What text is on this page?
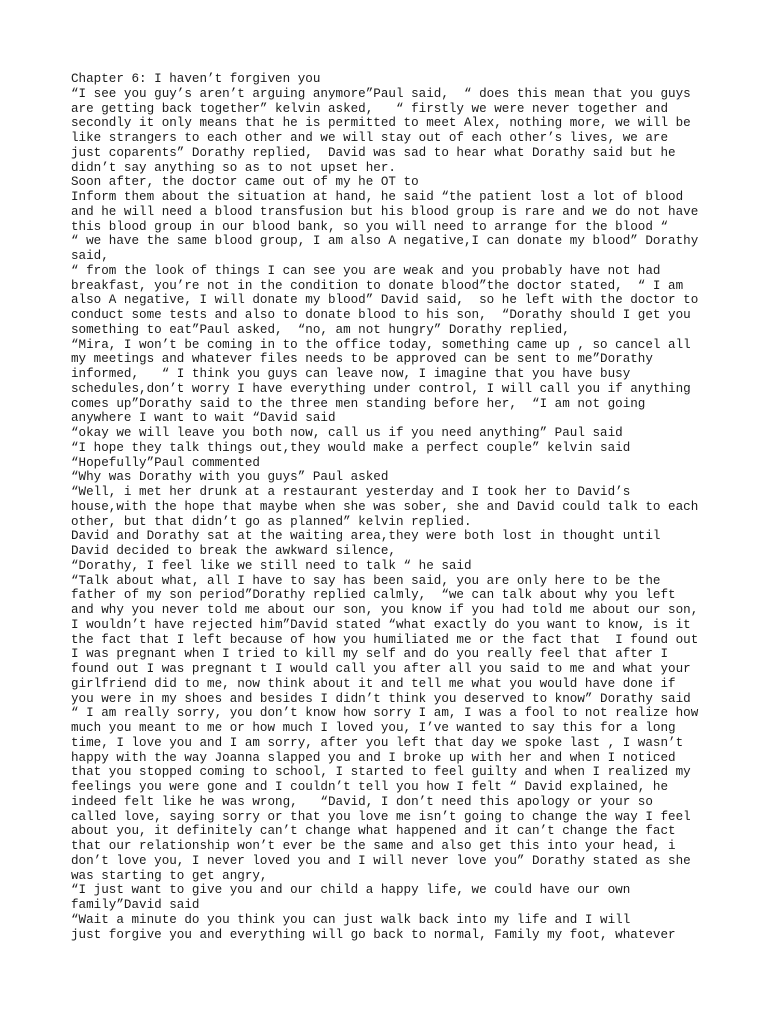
Chapter 6: I haven’t forgiven you
“I see you guy’s aren’t arguing anymore”Paul said,  “ does this mean that you guys
are getting back together” kelvin asked,   “ firstly we were never together and
secondly it only means that he is permitted to meet Alex, nothing more, we will be
like strangers to each other and we will stay out of each other’s lives, we are
just coparents” Dorathy replied,  David was sad to hear what Dorathy said but he
didn’t say anything so as to not upset her.
Soon after, the doctor came out of my he OT to
Inform them about the situation at hand, he said “the patient lost a lot of blood
and he will need a blood transfusion but his blood group is rare and we do not have
this blood group in our blood bank, so you will need to arrange for the blood “
“ we have the same blood group, I am also A negative,I can donate my blood” Dorathy
said,
“ from the look of things I can see you are weak and you probably have not had
breakfast, you’re not in the condition to donate blood”the doctor stated,  “ I am
also A negative, I will donate my blood” David said,  so he left with the doctor to
conduct some tests and also to donate blood to his son,  “Dorathy should I get you
something to eat”Paul asked,  “no, am not hungry” Dorathy replied,
“Mira, I won’t be coming in to the office today, something came up , so cancel all
my meetings and whatever files needs to be approved can be sent to me”Dorathy
informed,   “ I think you guys can leave now, I imagine that you have busy
schedules,don’t worry I have everything under control, I will call you if anything
comes up”Dorathy said to the three men standing before her,  “I am not going
anywhere I want to wait “David said
“okay we will leave you both now, call us if you need anything” Paul said
“I hope they talk things out,they would make a perfect couple” kelvin said
“Hopefully”Paul commented
“Why was Dorathy with you guys” Paul asked
“Well, i met her drunk at a restaurant yesterday and I took her to David’s
house,with the hope that maybe when she was sober, she and David could talk to each
other, but that didn’t go as planned” kelvin replied.
David and Dorathy sat at the waiting area,they were both lost in thought until
David decided to break the awkward silence,
“Dorathy, I feel like we still need to talk “ he said
“Talk about what, all I have to say has been said, you are only here to be the
father of my son period”Dorathy replied calmly,  “we can talk about why you left
and why you never told me about our son, you know if you had told me about our son,
I wouldn’t have rejected him”David stated “what exactly do you want to know, is it
the fact that I left because of how you humiliated me or the fact that  I found out
I was pregnant when I tried to kill my self and do you really feel that after I
found out I was pregnant t I would call you after all you said to me and what your
girlfriend did to me, now think about it and tell me what you would have done if
you were in my shoes and besides I didn’t think you deserved to know” Dorathy said
“ I am really sorry, you don’t know how sorry I am, I was a fool to not realize how
much you meant to me or how much I loved you, I’ve wanted to say this for a long
time, I love you and I am sorry, after you left that day we spoke last , I wasn’t
happy with the way Joanna slapped you and I broke up with her and when I noticed
that you stopped coming to school, I started to feel guilty and when I realized my
feelings you were gone and I couldn’t tell you how I felt “ David explained, he
indeed felt like he was wrong,   “David, I don’t need this apology or your so
called love, saying sorry or that you love me isn’t going to change the way I feel
about you, it definitely can’t change what happened and it can’t change the fact
that our relationship won’t ever be the same and also get this into your head, i
don’t love you, I never loved you and I will never love you” Dorathy stated as she
was starting to get angry,
“I just want to give you and our child a happy life, we could have our own
family”David said
“Wait a minute do you think you can just walk back into my life and I will
just forgive you and everything will go back to normal, Family my foot, whatever
